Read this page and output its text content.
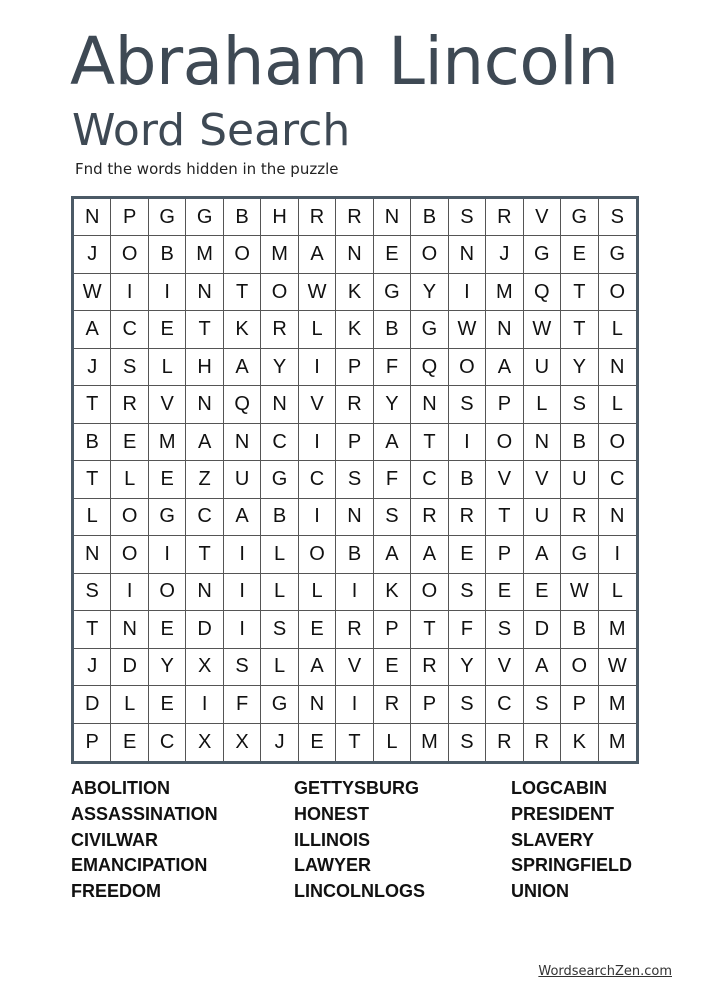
Abraham Lincoln
Word Search
Fnd the words hidden in the puzzle
N	P	G	G	B	H	R	R	N	B	S	R	V	G	S
J	O	B	M	O	M	A	N	E	O	N	J	G	E	G
W	I	I	N	T	O	W	K	G	Y	I	M	Q	T	O
A	C	E	T	K	R	L	K	B	G	W	N	W	T	L
J	S	L	H	A	Y	I	P	F	Q	O	A	U	Y	N
T	R	V	N	Q	N	V	R	Y	N	S	P	L	S	L
B	E	M	A	N	C	I	P	A	T	I	O	N	B	O
T	L	E	Z	U	G	C	S	F	C	B	V	V	U	C
L	O	G	C	A	B	I	N	S	R	R	T	U	R	N
N	O	I	T	I	L	O	B	A	A	E	P	A	G	I
S	I	O	N	I	L	L	I	K	O	S	E	E	W	L
T	N	E	D	I	S	E	R	P	T	F	S	D	B	M
J	D	Y	X	S	L	A	V	E	R	Y	V	A	O	W
D	L	E	I	F	G	N	I	R	P	S	C	S	P	M
P	E	C	X	X	J	E	T	L	M	S	R	R	K	M
ABOLITION
ASSASSINATION
CIVILWAR
EMANCIPATION
FREEDOM
GETTYSBURG
HONEST
ILLINOIS
LAWYER
LINCOLNLOGS
LOGCABIN
PRESIDENT
SLAVERY
SPRINGFIELD
UNION
WordsearchZen.com
